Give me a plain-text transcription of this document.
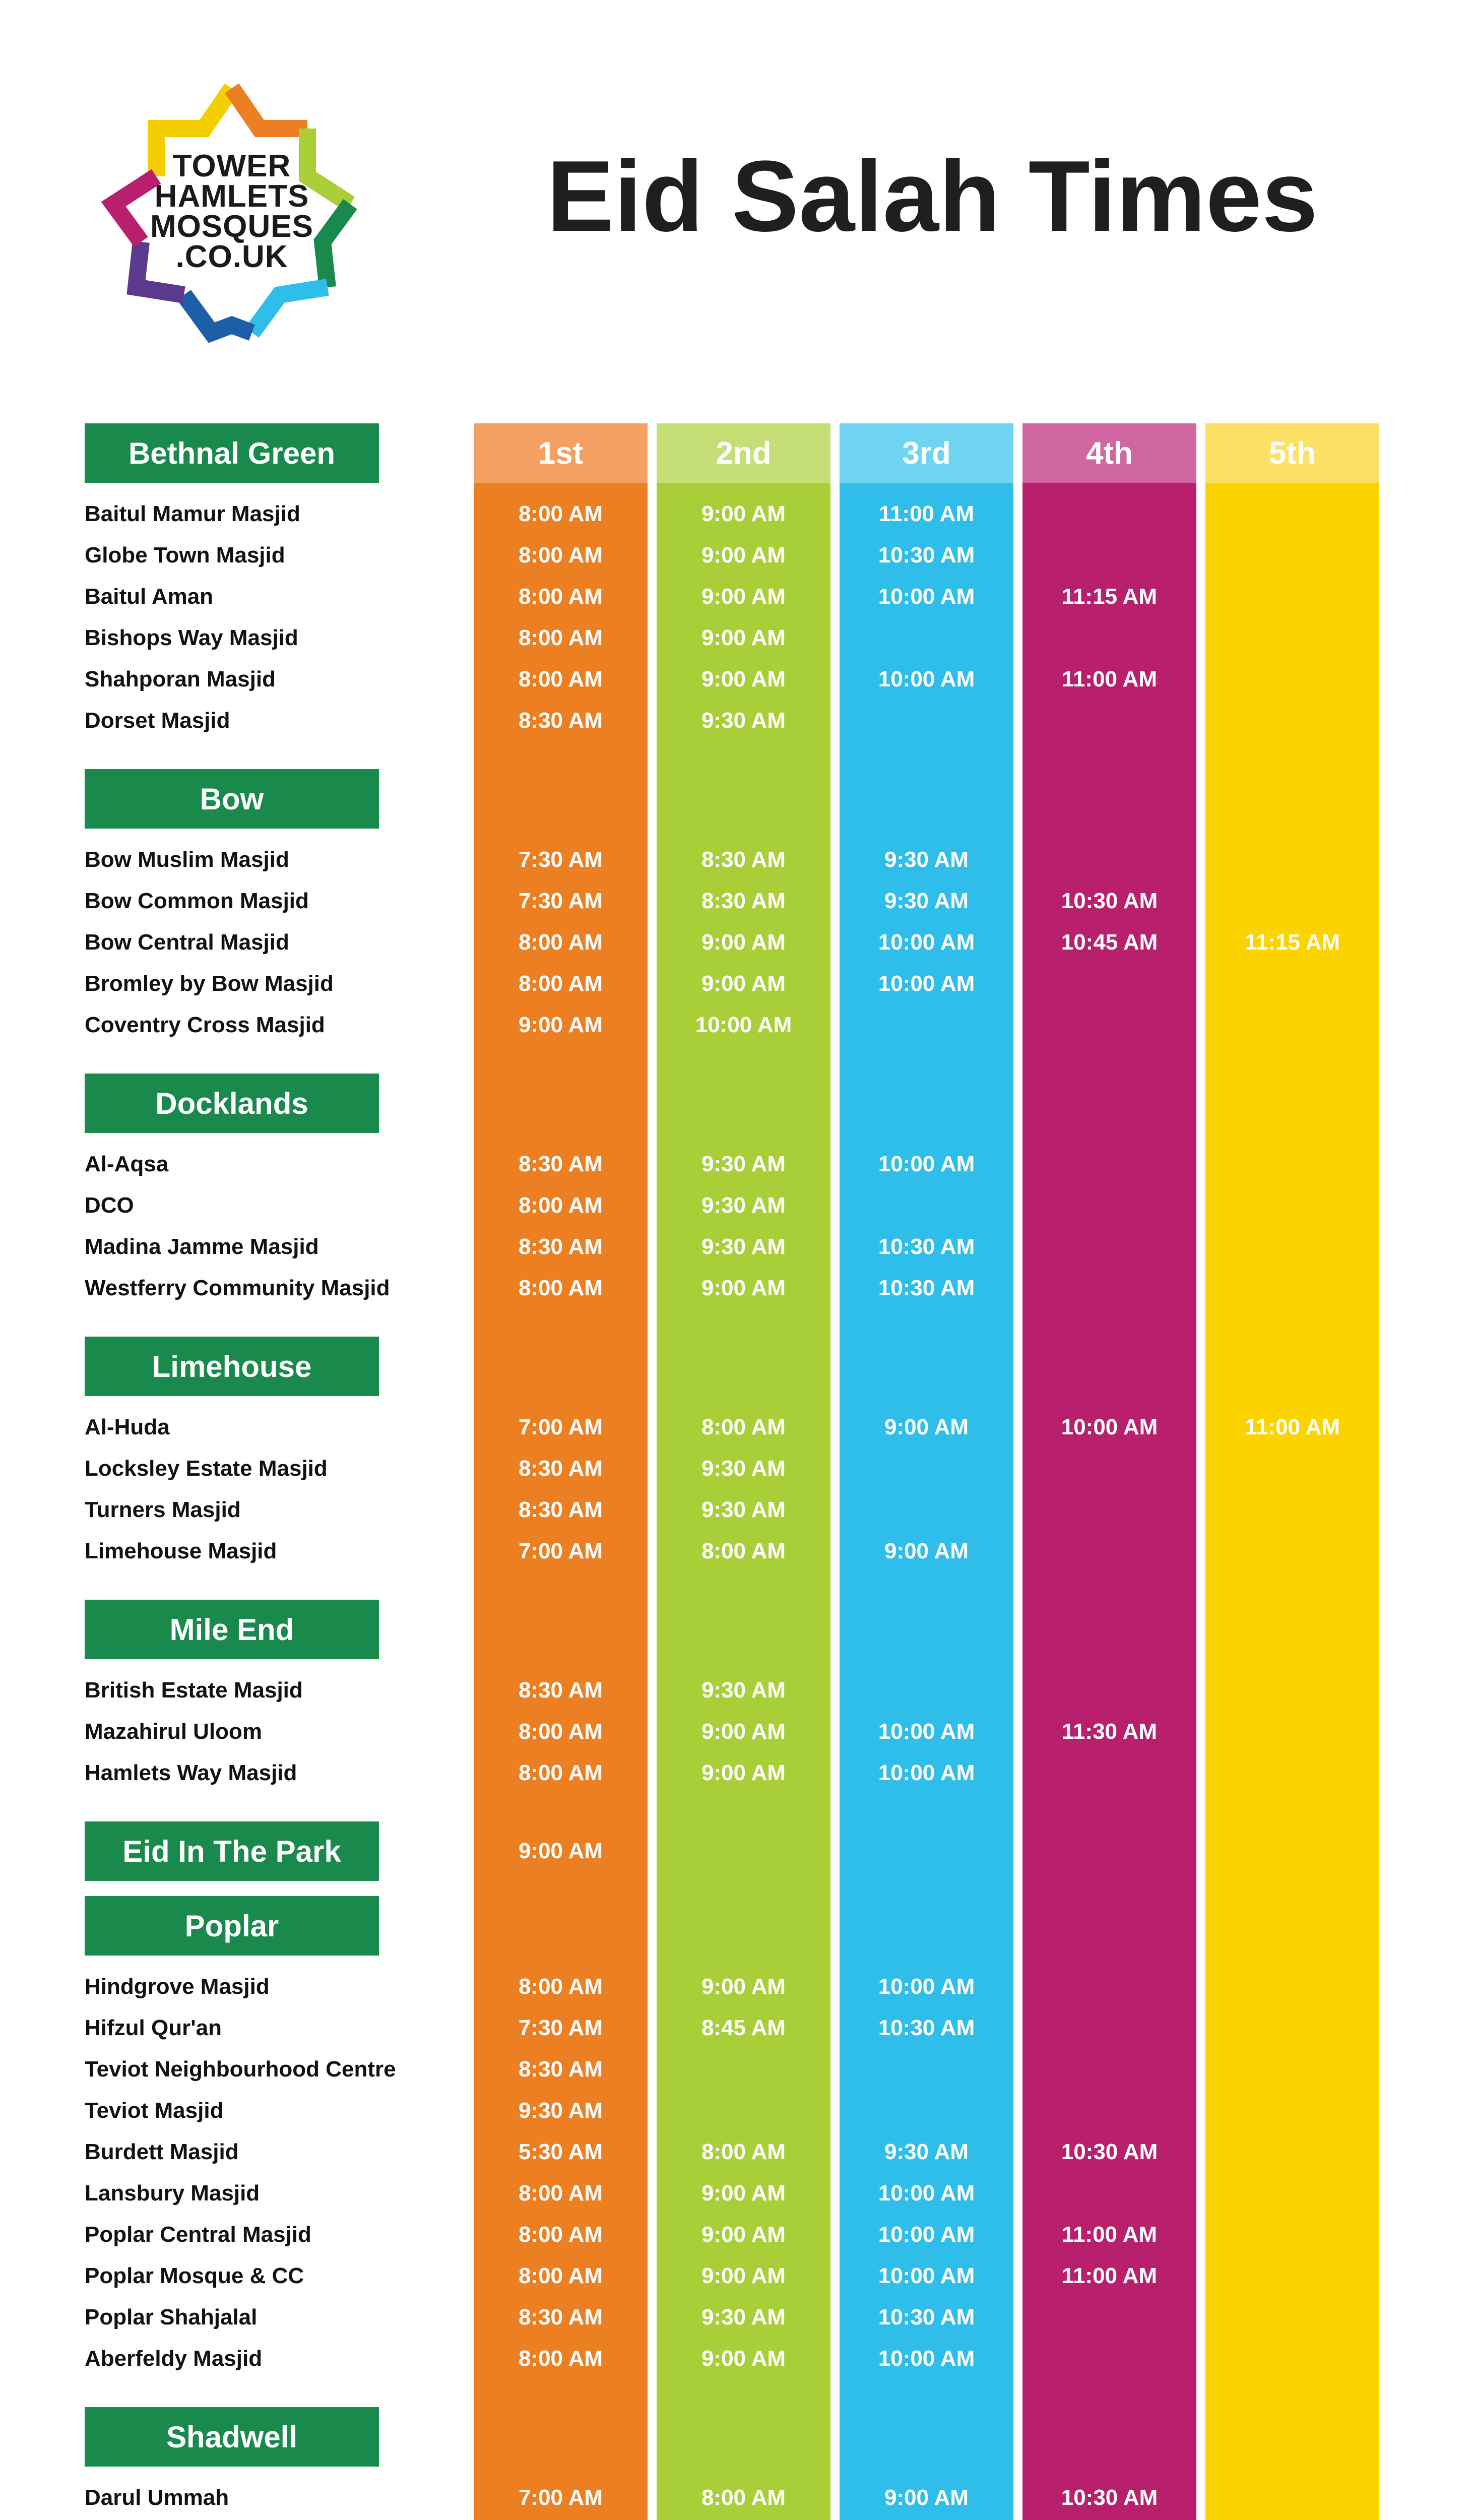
TOWER
HAMLETS
MOSQUES
.CO.UK
Eid Salah Times
1st	2nd	3rd	4th	5th
Bethnal Green
Baitul Mamur Masjid	8:00 AM	9:00 AM	11:00 AM
Globe Town Masjid	8:00 AM	9:00 AM	10:30 AM
Baitul Aman	8:00 AM	9:00 AM	10:00 AM	11:15 AM
Bishops Way Masjid	8:00 AM	9:00 AM
Shahporan Masjid	8:00 AM	9:00 AM	10:00 AM	11:00 AM
Dorset Masjid	8:30 AM	9:30 AM
Bow
Bow Muslim Masjid	7:30 AM	8:30 AM	9:30 AM
Bow Common Masjid	7:30 AM	8:30 AM	9:30 AM	10:30 AM
Bow Central Masjid	8:00 AM	9:00 AM	10:00 AM	10:45 AM	11:15 AM
Bromley by Bow Masjid	8:00 AM	9:00 AM	10:00 AM
Coventry Cross Masjid	9:00 AM	10:00 AM
Docklands
Al-Aqsa	8:30 AM	9:30 AM	10:00 AM
DCO	8:00 AM	9:30 AM
Madina Jamme Masjid	8:30 AM	9:30 AM	10:30 AM
Westferry Community Masjid	8:00 AM	9:00 AM	10:30 AM
Limehouse
Al-Huda	7:00 AM	8:00 AM	9:00 AM	10:00 AM	11:00 AM
Locksley Estate Masjid	8:30 AM	9:30 AM
Turners Masjid	8:30 AM	9:30 AM
Limehouse Masjid	7:00 AM	8:00 AM	9:00 AM
Mile End
British Estate Masjid	8:30 AM	9:30 AM
Mazahirul Uloom	8:00 AM	9:00 AM	10:00 AM	11:30 AM
Hamlets Way Masjid	8:00 AM	9:00 AM	10:00 AM
Eid In The Park	9:00 AM
Poplar
Hindgrove Masjid	8:00 AM	9:00 AM	10:00 AM
Hifzul Qur'an	7:30 AM	8:45 AM	10:30 AM
Teviot Neighbourhood Centre	8:30 AM
Teviot Masjid	9:30 AM
Burdett Masjid	5:30 AM	8:00 AM	9:30 AM	10:30 AM
Lansbury Masjid	8:00 AM	9:00 AM	10:00 AM
Poplar Central Masjid	8:00 AM	9:00 AM	10:00 AM	11:00 AM
Poplar Mosque & CC	8:00 AM	9:00 AM	10:00 AM	11:00 AM
Poplar Shahjalal	8:30 AM	9:30 AM	10:30 AM
Aberfeldy Masjid	8:00 AM	9:00 AM	10:00 AM
Shadwell
Darul Ummah	7:00 AM	8:00 AM	9:00 AM	10:30 AM
